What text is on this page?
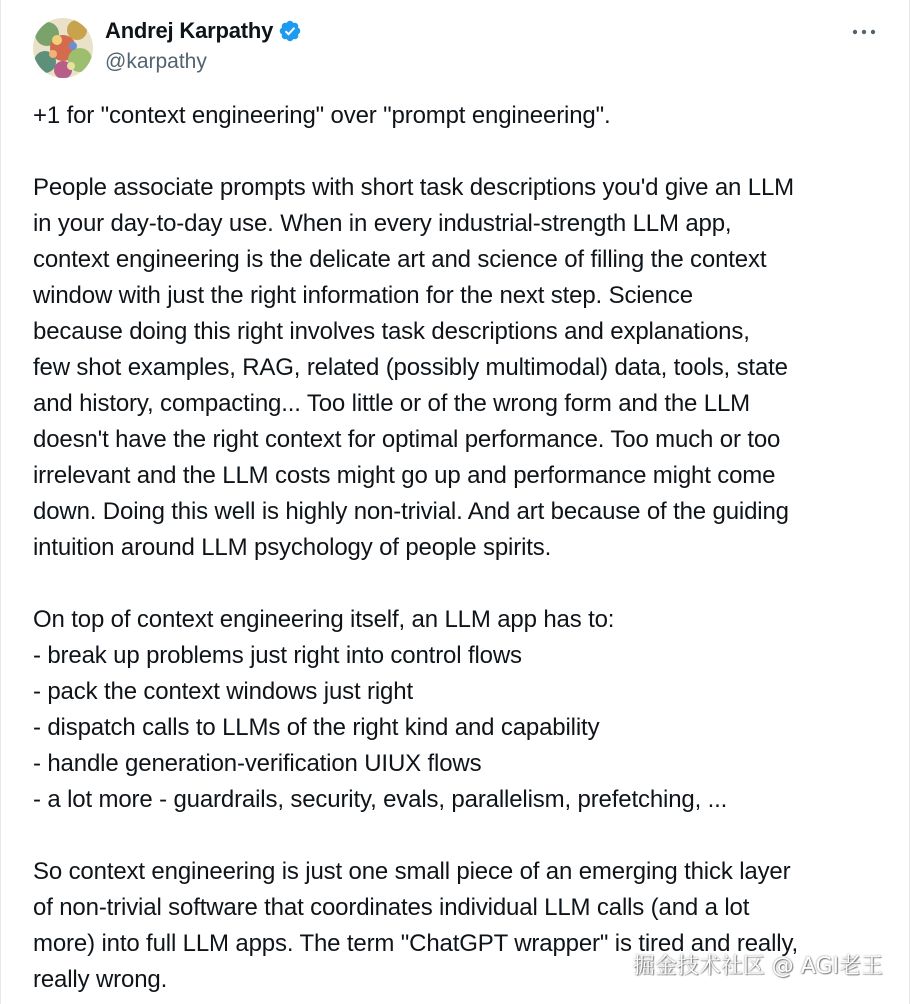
Andrej Karpathy
@karpathy

+1 for "context engineering" over "prompt engineering".

People associate prompts with short task descriptions you'd give an LLM

in your day-to-day use. When in every industrial-strength LLM app,

context engineering is the delicate art and science of filling the context

window with just the right information for the next step. Science

because doing this right involves task descriptions and explanations,

few shot examples, RAG, related (possibly multimodal) data, tools, state

and history, compacting... Too little or of the wrong form and the LLM

doesn't have the right context for optimal performance. Too much or too

irrelevant and the LLM costs might go up and performance might come

down. Doing this well is highly non-trivial. And art because of the guiding

intuition around LLM psychology of people spirits.

On top of context engineering itself, an LLM app has to:

- break up problems just right into control flows

- pack the context windows just right

- dispatch calls to LLMs of the right kind and capability

- handle generation-verification UIUX flows

- a lot more - guardrails, security, evals, parallelism, prefetching, ...

So context engineering is just one small piece of an emerging thick layer

of non-trivial software that coordinates individual LLM calls (and a lot

more) into full LLM apps. The term "ChatGPT wrapper" is tired and really,

really wrong.	掘金技术社区 @ AGI老王
